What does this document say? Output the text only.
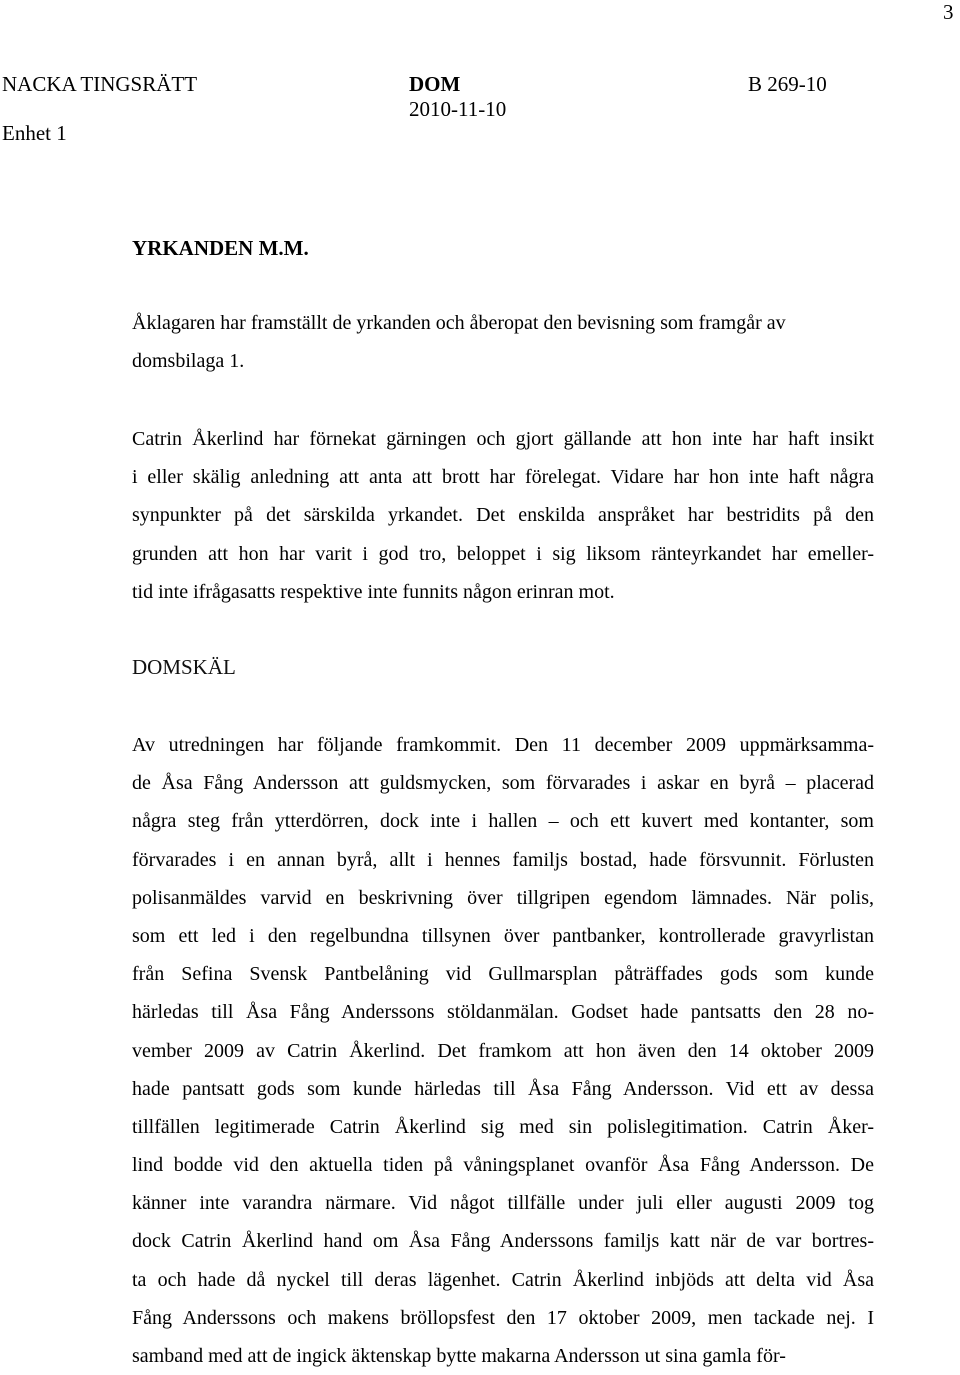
3
NACKA TINGSRÄTT
Enhet 1
DOM
2010-11-10
B 269-10
YRKANDEN M.M.
Åklagaren har framställt de yrkanden och åberopat den bevisning som framgår av
domsbilaga 1.
Catrin Åkerlind har förnekat gärningen och gjort gällande att hon inte har haft insikt
i eller skälig anledning att anta att brott har förelegat. Vidare har hon inte haft några
synpunkter på det särskilda yrkandet. Det enskilda anspråket har bestridits på den
grunden att hon har varit i god tro, beloppet i sig liksom ränteyrkandet har emeller-
tid inte ifrågasatts respektive inte funnits någon erinran mot.
DOMSKÄL
Av utredningen har följande framkommit. Den 11 december 2009 uppmärksamma-
de Åsa Fång Andersson att guldsmycken, som förvarades i askar en byrå – placerad
några steg från ytterdörren, dock inte i hallen – och ett kuvert med kontanter, som
förvarades i en annan byrå, allt i hennes familjs bostad, hade försvunnit. Förlusten
polisanmäldes varvid en beskrivning över tillgripen egendom lämnades. När polis,
som ett led i den regelbundna tillsynen över pantbanker, kontrollerade gravyrlistan
från Sefina Svensk Pantbelåning vid Gullmarsplan påträffades gods som kunde
härledas till Åsa Fång Anderssons stöldanmälan. Godset hade pantsatts den 28 no-
vember 2009 av Catrin Åkerlind. Det framkom att hon även den 14 oktober 2009
hade pantsatt gods som kunde härledas till Åsa Fång Andersson. Vid ett av dessa
tillfällen legitimerade Catrin Åkerlind sig med sin polislegitimation. Catrin Åker-
lind bodde vid den aktuella tiden på våningsplanet ovanför Åsa Fång Andersson. De
känner inte varandra närmare. Vid något tillfälle under juli eller augusti 2009 tog
dock Catrin Åkerlind hand om Åsa Fång Anderssons familjs katt när de var bortres-
ta och hade då nyckel till deras lägenhet. Catrin Åkerlind inbjöds att delta vid Åsa
Fång Anderssons och makens bröllopsfest den 17 oktober 2009, men tackade nej. I
samband med att de ingick äktenskap bytte makarna Andersson ut sina gamla för-
